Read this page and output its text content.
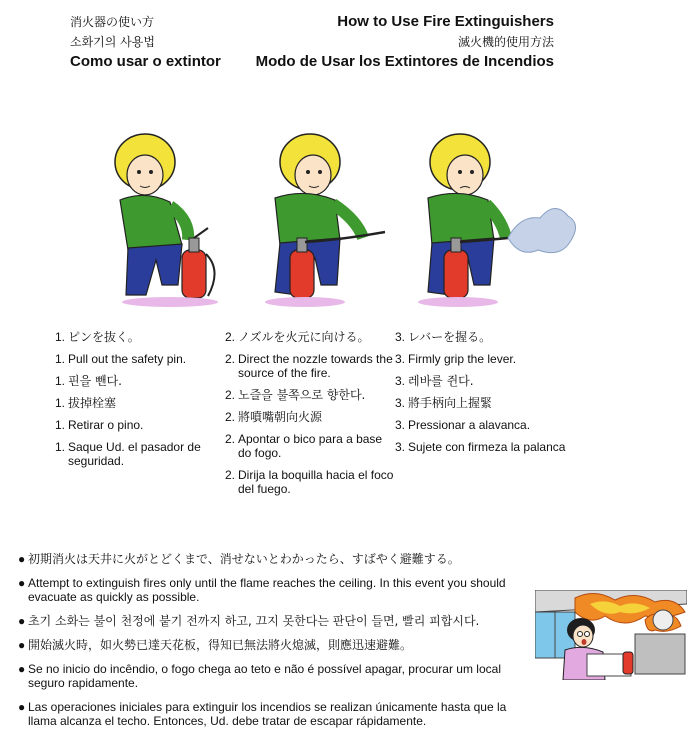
消火器の使い方
소화기의 사용법
Como usar o extintor
How to Use Fire Extinguishers
滅火機的使用方法
Modo de Usar los Extintores de Incendios
1. ピンを抜く。
1. Pull out the safety pin.
1. 핀을 뺀다.
1. 拔掉栓塞
1. Retirar o pino.
1. Saque Ud. el pasador de seguridad.
2. ノズルを火元に向ける。
2. Direct the nozzle towards the source of the fire.
2. 노즐을 불쪽으로 향한다.
2. 將噴嘴朝向火源
2. Apontar o bico para a base do fogo.
2. Dirija la boquilla hacia el foco del fuego.
3. レバーを握る。
3. Firmly grip the lever.
3. 레바를 쥔다.
3. 將手柄向上握緊
3. Pressionar a alavanca.
3. Sujete con firmeza la palanca
● 初期消火は天井に火がとどくまで、消せないとわかったら、すばやく避難する。
● Attempt to extinguish fires only until the flame reaches the ceiling. In this event you should evacuate as quickly as possible.
● 초기 소화는 불이 천정에 붙기 전까지 하고, 끄지 못한다는 판단이 들면, 빨리 피합시다.
● 開始滅火時，如火勢已達天花板，得知已無法將火熄滅，則應迅速避難。
● Se no inicio do incêndio, o fogo chega ao teto e não é possível apagar, procurar um local seguro rapidamente.
● Las operaciones iniciales para extinguir los incendios se realizan únicamente hasta que la llama alcanza el techo. Entonces, Ud. debe tratar de escapar rápidamente.
